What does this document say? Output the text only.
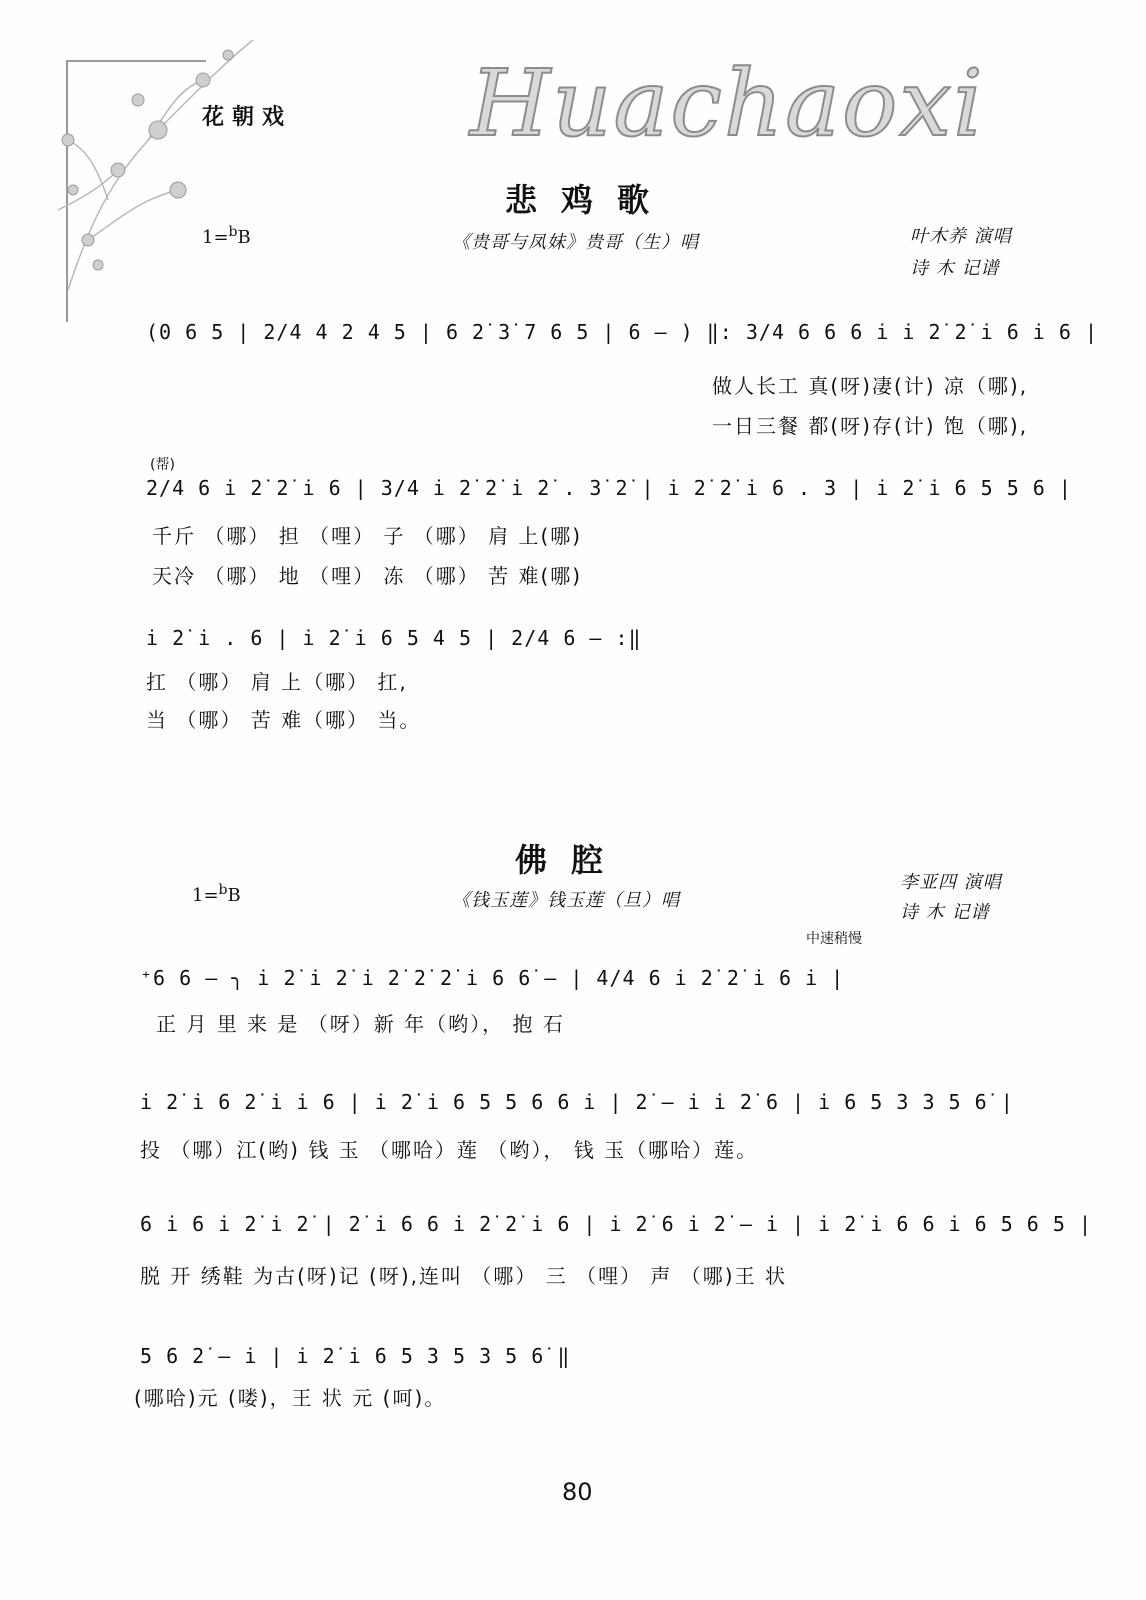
花朝戏 Huachaoxi
悲鸡歌
1=$^b$B	《贵哥与凤妹》贵哥（生）唱	叶木养 演唱
诗 木 记谱
(0 6 5 | 2/4 4 2 4 5 | 6 2̇ 3̇ 7 6 5 | 6 — ) ‖: 3/4 6 6 6 i̇ i̇ 2̇ 2̇ i̇ 6 i̇ 6 |
做人长工 真(呀)凄(计) 凉（哪),
一日三餐 都(呀)存(计) 饱（哪),
(帮)
2/4 6 i̇ 2̇ 2̇ i̇ 6 | 3/4 i̇ 2̇ 2̇ i̇ 2̇ . 3̇ 2̇ | i̇ 2̇ 2̇ i̇ 6 . 3 | i̇ 2̇ i̇ 6 5 5 6 |
千斤 （哪） 担 （哩） 子 （哪） 肩 上(哪)
天冷 （哪） 地 （哩） 冻 （哪） 苦 难(哪)
i̇ 2̇ i̇ . 6 | i̇ 2̇ i̇ 6 5 4 5 | 2/4 6 — :‖
扛 （哪） 肩 上（哪） 扛,
当 （哪） 苦 难（哪） 当。
佛腔
1=$^b$B	《钱玉莲》钱玉莲（旦）唱
李亚四 演唱
诗 木 记谱
中速稍慢
⁺6 6 — ╮ i̇ 2̇ i̇ 2̇ i̇ 2̇ 2̇ 2̇ i̇ 6 6̇ — | 4/4 6 i̇ 2̇ 2̇ i̇ 6 i̇ |
正 月 里 来 是 （呀）新 年（哟）， 抱 石
i̇ 2̇ i̇ 6 2̇ i̇ i̇ 6 | i̇ 2̇ i̇ 6 5 5 6 6 i̇ | 2̇ — i̇ i̇ 2̇ 6 | i̇ 6 5 3 3 5 6̇ |
投 （哪）江(哟) 钱 玉 （哪哈）莲 （哟）， 钱 玉（哪哈）莲。
6 i̇ 6 i̇ 2̇ i̇ 2̇ | 2̇ i̇ 6 6 i̇ 2̇ 2̇ i̇ 6 | i̇ 2̇ 6 i̇ 2̇ — i̇ | i̇ 2̇ i̇ 6 6 i̇ 6 5 6 5 |
脱 开 绣鞋 为古(呀)记 (呀),连叫 （哪） 三 （哩） 声 （哪)王 状
5 6 2̇ — i̇ | i̇ 2̇ i̇ 6 5 3 5 3 5 6̇ ‖
(哪哈)元 (喽)，王 状 元 (呵)。
80
